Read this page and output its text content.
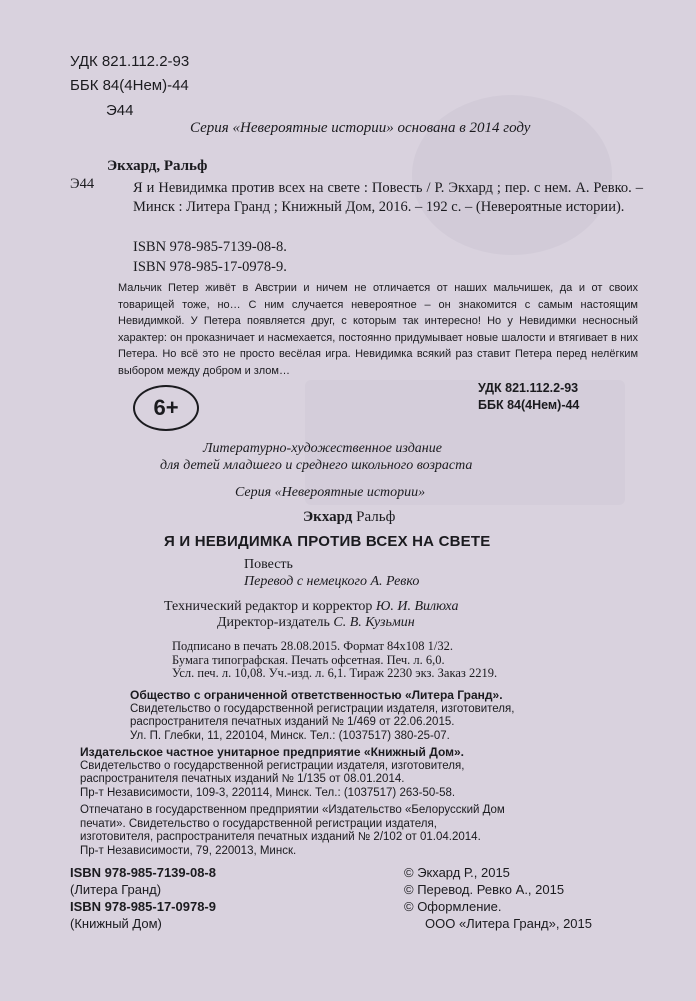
УДК 821.112.2-93
ББК 84(4Нем)-44
Э44
Серия «Невероятные истории» основана в 2014 году
Э44
Экхард, Ральф
Я и Невидимка против всех на свете : Повесть / Р. Экхард ; пер. с нем. А. Ревко. – Минск : Литера Гранд ; Книжный Дом, 2016. – 192 с. – (Невероятные истории).
ISBN 978-985-7139-08-8.
ISBN 978-985-17-0978-9.
Мальчик Петер живёт в Австрии и ничем не отличается от наших мальчишек, да и от своих товарищей тоже, но… С ним случается невероятное – он знакомится с самым настоящим Невидимкой. У Петера появляется друг, с которым так интересно! Но у Невидимки несносный характер: он проказничает и насмехается, постоянно придумывает новые шалости и втягивает в них Петера. Но всё это не просто весёлая игра. Невидимка всякий раз ставит Петера перед нелёгким выбором между добром и злом…
6+
УДК 821.112.2-93
ББК 84(4Нем)-44
Литературно-художественное издание
для детей младшего и среднего школьного возраста
Серия «Невероятные истории»
Экхард Ральф
Я И НЕВИДИМКА ПРОТИВ ВСЕХ НА СВЕТЕ
Повесть
Перевод с немецкого А. Ревко
Технический редактор и корректор Ю. И. Вилюха
Директор-издатель С. В. Кузьмин
Подписано в печать 28.08.2015. Формат 84х108 1/32.
Бумага типографская. Печать офсетная. Печ. л. 6,0.
Усл. печ. л. 10,08. Уч.-изд. л. 6,1. Тираж 2230 экз. Заказ 2219.
Общество с ограниченной ответственностью «Литера Гранд».
Свидетельство о государственной регистрации издателя, изготовителя,
распространителя печатных изданий № 1/469 от 22.06.2015.
Ул. П. Глебки, 11, 220104, Минск. Тел.: (1037517) 380-25-07.
Издательское частное унитарное предприятие «Книжный Дом».
Свидетельство о государственной регистрации издателя, изготовителя,
распространителя печатных изданий № 1/135 от 08.01.2014.
Пр-т Независимости, 109-3, 220114, Минск. Тел.: (1037517) 263-50-58.
Отпечатано в государственном предприятии «Издательство «Белорусский Дом
печати». Свидетельство о государственной регистрации издателя,
изготовителя, распространителя печатных изданий № 2/102 от 01.04.2014.
Пр-т Независимости, 79, 220013, Минск.
ISBN 978-985-7139-08-8
(Литера Гранд)
ISBN 978-985-17-0978-9
(Книжный Дом)
© Экхард Р., 2015
© Перевод. Ревко А., 2015
© Оформление.
ООО «Литера Гранд», 2015
